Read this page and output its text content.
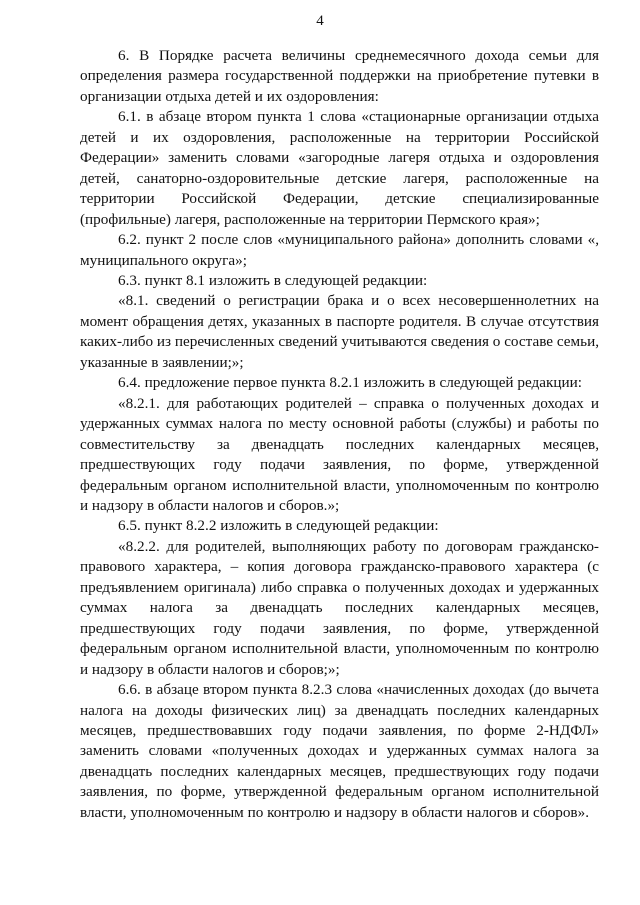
4

6. В Порядке расчета величины среднемесячного дохода семьи для определения размера государственной поддержки на приобретение путевки в организации отдыха детей и их оздоровления:

6.1. в абзаце втором пункта 1 слова «стационарные организации отдыха детей и их оздоровления, расположенные на территории Российской Федерации» заменить словами «загородные лагеря отдыха и оздоровления детей, санаторно-оздоровительные детские лагеря, расположенные на территории Российской Федерации, детские специализированные (профильные) лагеря, расположенные на территории Пермского края»;

6.2. пункт 2 после слов «муниципального района» дополнить словами «, муниципального округа»;

6.3. пункт 8.1 изложить в следующей редакции:

«8.1. сведений о регистрации брака и о всех несовершеннолетних на момент обращения детях, указанных в паспорте родителя. В случае отсутствия каких-либо из перечисленных сведений учитываются сведения о составе семьи, указанные в заявлении;»;

6.4. предложение первое пункта 8.2.1 изложить в следующей редакции:

«8.2.1. для работающих родителей – справка о полученных доходах и удержанных суммах налога по месту основной работы (службы) и работы по совместительству за двенадцать последних календарных месяцев, предшествующих году подачи заявления, по форме, утвержденной федеральным органом исполнительной власти, уполномоченным по контролю и надзору в области налогов и сборов.»;

6.5. пункт 8.2.2 изложить в следующей редакции:

«8.2.2. для родителей, выполняющих работу по договорам гражданско-правового характера, – копия договора гражданско-правового характера (с предъявлением оригинала) либо справка о полученных доходах и удержанных суммах налога за двенадцать последних календарных месяцев, предшествующих году подачи заявления, по форме, утвержденной федеральным органом исполнительной власти, уполномоченным по контролю и надзору в области налогов и сборов;»;

6.6. в абзаце втором пункта 8.2.3 слова «начисленных доходах (до вычета налога на доходы физических лиц) за двенадцать последних календарных месяцев, предшествовавших году подачи заявления, по форме 2-НДФЛ» заменить словами «полученных доходах и удержанных суммах налога за двенадцать последних календарных месяцев, предшествующих году подачи заявления, по форме, утвержденной федеральным органом исполнительной власти, уполномоченным по контролю и надзору в области налогов и сборов».
